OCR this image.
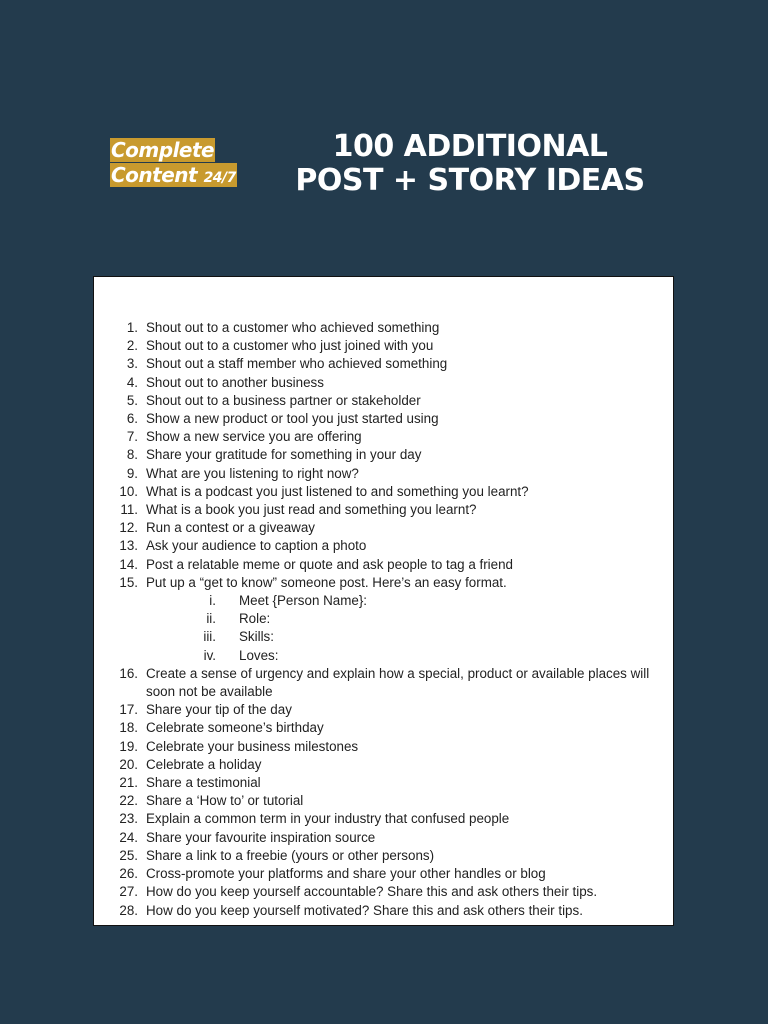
Complete
Content 24/7
100 ADDITIONAL
POST + STORY IDEAS
1. Shout out to a customer who achieved something
2. Shout out to a customer who just joined with you
3. Shout out a staff member who achieved something
4. Shout out to another business
5. Shout out to a business partner or stakeholder
6. Show a new product or tool you just started using
7. Show a new service you are offering
8. Share your gratitude for something in your day
9. What are you listening to right now?
10. What is a podcast you just listened to and something you learnt?
11. What is a book you just read and something you learnt?
12. Run a contest or a giveaway
13. Ask your audience to caption a photo
14. Post a relatable meme or quote and ask people to tag a friend
15. Put up a “get to know” someone post. Here’s an easy format.
i. Meet {Person Name}:
ii. Role:
iii. Skills:
iv. Loves:
16. Create a sense of urgency and explain how a special, product or available places will soon not be available
17. Share your tip of the day
18. Celebrate someone’s birthday
19. Celebrate your business milestones
20. Celebrate a holiday
21. Share a testimonial
22. Share a ‘How to’ or tutorial
23. Explain a common term in your industry that confused people
24. Share your favourite inspiration source
25. Share a link to a freebie (yours or other persons)
26. Cross-promote your platforms and share your other handles or blog
27. How do you keep yourself accountable? Share this and ask others their tips.
28. How do you keep yourself motivated? Share this and ask others their tips.
